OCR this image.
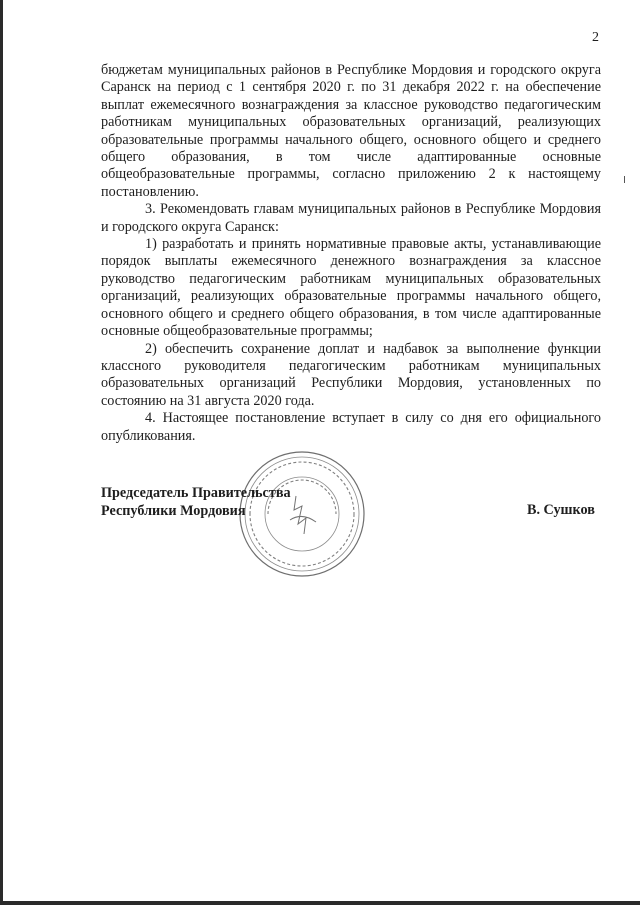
2

бюджетам муниципальных районов в Республике Мордовия и городского округа Саранск на период с 1 сентября 2020 г. по 31 декабря 2022 г. на обеспечение выплат ежемесячного вознаграждения за классное руководство педагогическим работникам муниципальных образовательных организаций, реализующих образовательные программы начального общего, основного общего и среднего общего образования, в том числе адаптированные основные общеобразовательные программы, согласно приложению 2 к настоящему постановлению.

3. Рекомендовать главам муниципальных районов в Республике Мордовия и городского округа Саранск:

1) разработать и принять нормативные правовые акты, устанавливающие порядок выплаты ежемесячного денежного вознаграждения за классное руководство педагогическим работникам муниципальных образовательных организаций, реализующих образовательные программы начального общего, основного общего и среднего общего образования, в том числе адаптированные основные общеобразовательные программы;

2) обеспечить сохранение доплат и надбавок за выполнение функции классного руководителя педагогическим работникам муниципальных образовательных организаций Республики Мордовия, установленных по состоянию на 31 августа 2020 года.

4. Настоящее постановление вступает в силу со дня его официального опубликования.

Председатель Правительства
Республики Мордовия	В. Сушков
